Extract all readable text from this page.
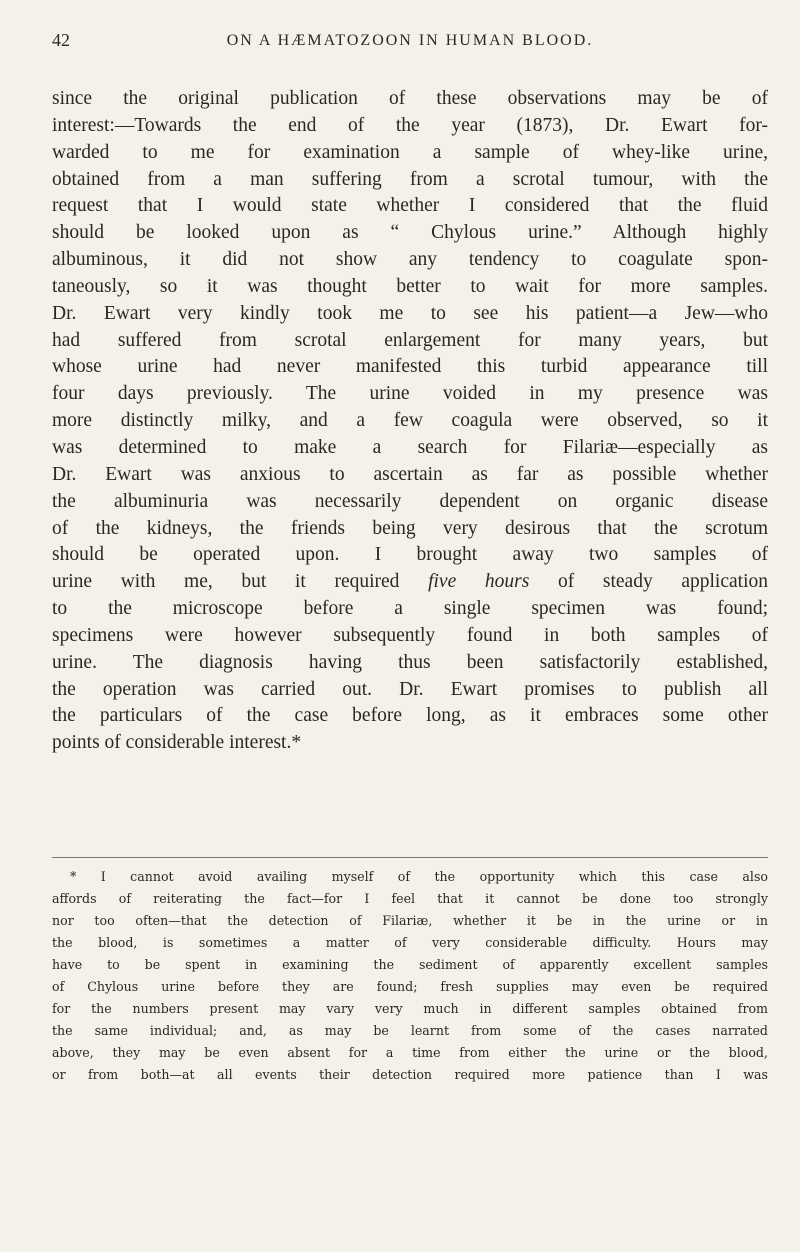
42	ON A HÆMATOZOON IN HUMAN BLOOD.
since the original publication of these observations may be of
interest:—Towards the end of the year (1873), Dr. Ewart for-
warded to me for examination a sample of whey-like urine,
obtained from a man suffering from a scrotal tumour, with the
request that I would state whether I considered that the fluid
should be looked upon as “ Chylous urine.” Although highly
albuminous, it did not show any tendency to coagulate spon-
taneously, so it was thought better to wait for more samples.
Dr. Ewart very kindly took me to see his patient—a Jew—who
had suffered from scrotal enlargement for many years, but
whose urine had never manifested this turbid appearance till
four days previously. The urine voided in my presence was
more distinctly milky, and a few coagula were observed, so it
was determined to make a search for Filariæ—especially as
Dr. Ewart was anxious to ascertain as far as possible whether
the albuminuria was necessarily dependent on organic disease
of the kidneys, the friends being very desirous that the scrotum
should be operated upon. I brought away two samples of
urine with me, but it required five hours of steady application
to the microscope before a single specimen was found;
specimens were however subsequently found in both samples of
urine. The diagnosis having thus been satisfactorily established,
the operation was carried out. Dr. Ewart promises to publish all
the particulars of the case before long, as it embraces some other
points of considerable interest.*
* I cannot avoid availing myself of the opportunity which this case also
affords of reiterating the fact—for I feel that it cannot be done too strongly
nor too often—that the detection of Filariæ, whether it be in the urine or in
the blood, is sometimes a matter of very considerable difficulty. Hours may
have to be spent in examining the sediment of apparently excellent samples
of Chylous urine before they are found; fresh supplies may even be required
for the numbers present may vary very much in different samples obtained from
the same individual; and, as may be learnt from some of the cases narrated
above, they may be even absent for a time from either the urine or the blood,
or from both—at all events their detection required more patience than I was
